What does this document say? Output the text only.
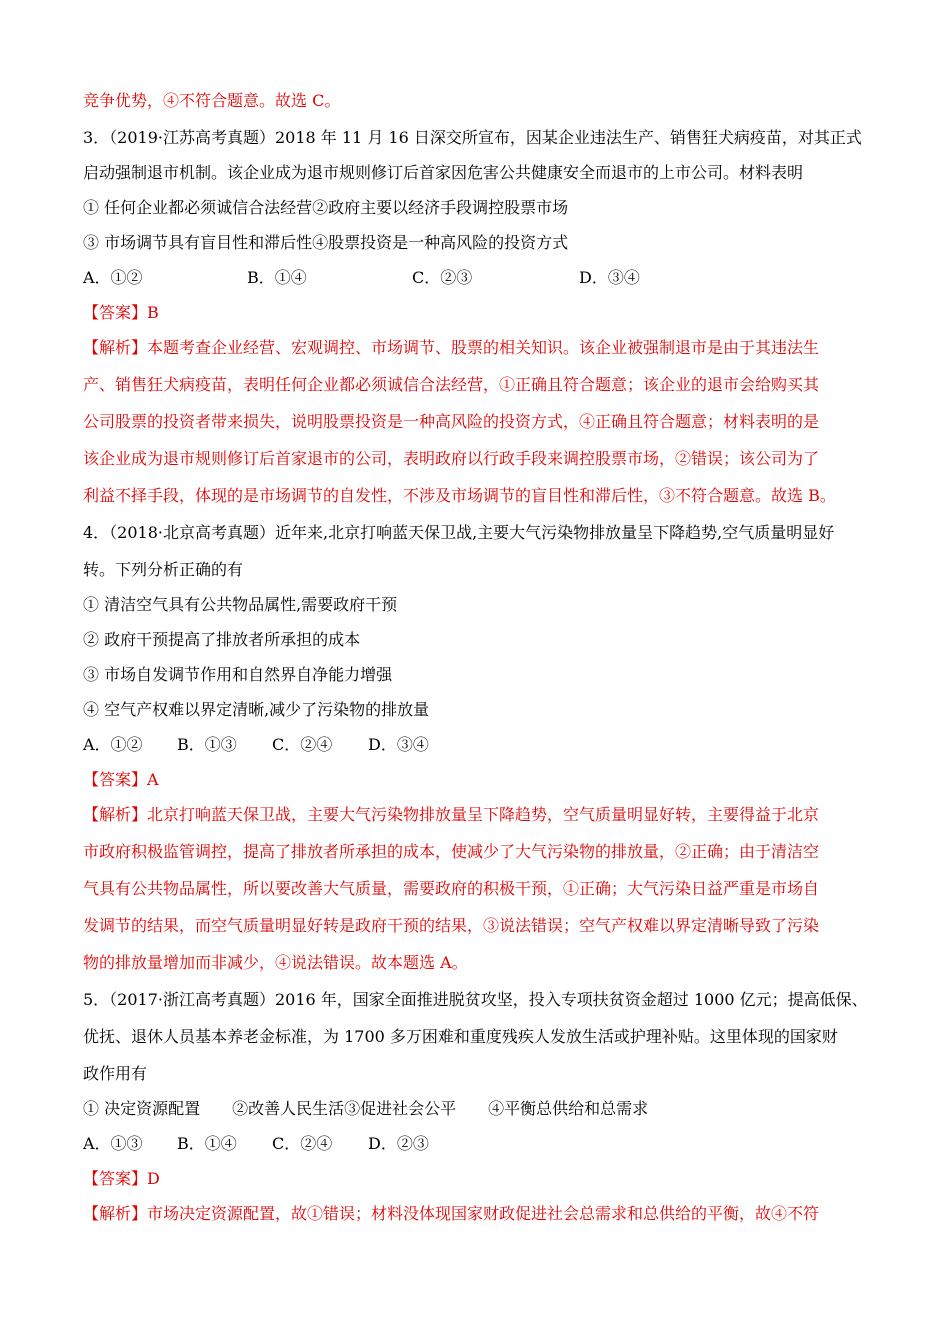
竞争优势，④不符合题意。故选 C。
3．（2019·江苏高考真题）2018 年 11 月 16 日深交所宣布，因某企业违法生产、销售狂犬病疫苗，对其正式
启动强制退市机制。该企业成为退市规则修订后首家因危害公共健康安全而退市的上市公司。材料表明
① 任何企业都必须诚信合法经营②政府主要以经济手段调控股票市场
③ 市场调节具有盲目性和滞后性④股票投资是一种高风险的投资方式
A．①②	B．①④	C．②③	D．③④
【答案】B
【解析】本题考查企业经营、宏观调控、市场调节、股票的相关知识。该企业被强制退市是由于其违法生
产、销售狂犬病疫苗，表明任何企业都必须诚信合法经营，①正确且符合题意；该企业的退市会给购买其
公司股票的投资者带来损失，说明股票投资是一种高风险的投资方式，④正确且符合题意；材料表明的是
该企业成为退市规则修订后首家退市的公司，表明政府以行政手段来调控股票市场，②错误；该公司为了
利益不择手段，体现的是市场调节的自发性，不涉及市场调节的盲目性和滞后性，③不符合题意。故选 B。
4．（2018·北京高考真题）近年来,北京打响蓝天保卫战,主要大气污染物排放量呈下降趋势,空气质量明显好
转。下列分析正确的有
① 清洁空气具有公共物品属性,需要政府干预
② 政府干预提高了排放者所承担的成本
③ 市场自发调节作用和自然界自净能力增强
④ 空气产权难以界定清晰,减少了污染物的排放量
A．①② B．①③ C．②④ D．③④
【答案】A
【解析】北京打响蓝天保卫战，主要大气污染物排放量呈下降趋势，空气质量明显好转，主要得益于北京
市政府积极监管调控，提高了排放者所承担的成本，使减少了大气污染物的排放量，②正确；由于清洁空
气具有公共物品属性，所以要改善大气质量，需要政府的积极干预，①正确；大气污染日益严重是市场自
发调节的结果，而空气质量明显好转是政府干预的结果，③说法错误；空气产权难以界定清晰导致了污染
物的排放量增加而非减少，④说法错误。故本题选 A。
5．（2017·浙江高考真题）2016 年，国家全面推进脱贫攻坚，投入专项扶贫资金超过 1000 亿元；提高低保、
优抚、退休人员基本养老金标准，为 1700 多万困难和重度残疾人发放生活或护理补贴。这里体现的国家财
政作用有
① 决定资源配置　　②改善人民生活③促进社会公平　　④平衡总供给和总需求
A．①③ B．①④ C．②④ D．②③
【答案】D
【解析】市场决定资源配置，故①错误；材料没体现国家财政促进社会总需求和总供给的平衡，故④不符
